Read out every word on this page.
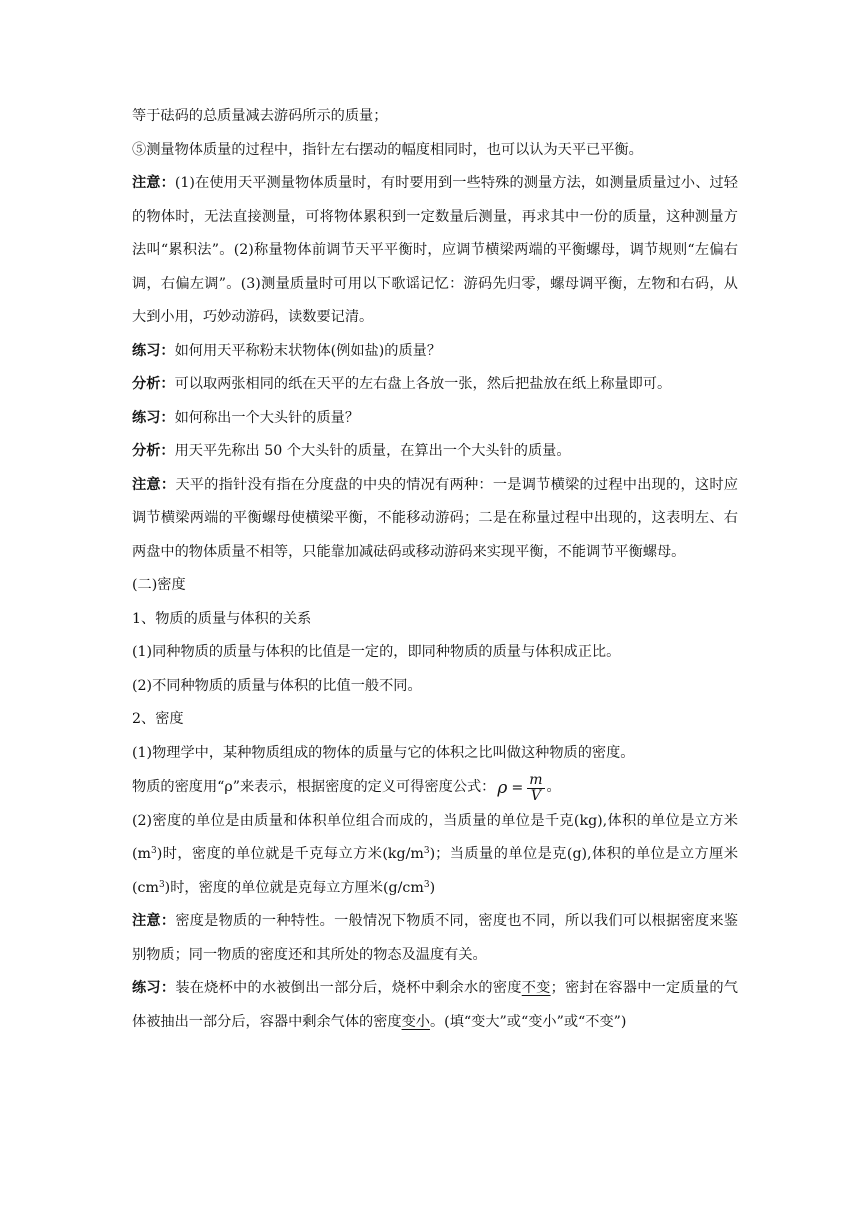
等于砝码的总质量减去游码所示的质量；

⑤测量物体质量的过程中，指针左右摆动的幅度相同时，也可以认为天平已平衡。

注意：(1)在使用天平测量物体质量时，有时要用到一些特殊的测量方法，如测量质量过小、过轻的物体时，无法直接测量，可将物体累积到一定数量后测量，再求其中一份的质量，这种测量方法叫“累积法”。(2)称量物体前调节天平平衡时，应调节横梁两端的平衡螺母，调节规则“左偏右调，右偏左调”。(3)测量质量时可用以下歌谣记忆：游码先归零，螺母调平衡，左物和右码，从大到小用，巧妙动游码，读数要记清。

练习：如何用天平称粉末状物体(例如盐)的质量？

分析：可以取两张相同的纸在天平的左右盘上各放一张，然后把盐放在纸上称量即可。

练习：如何称出一个大头针的质量？

分析：用天平先称出 50 个大头针的质量，在算出一个大头针的质量。

注意：天平的指针没有指在分度盘的中央的情况有两种：一是调节横梁的过程中出现的，这时应调节横梁两端的平衡螺母使横梁平衡，不能移动游码；二是在称量过程中出现的，这表明左、右两盘中的物体质量不相等，只能靠加减砝码或移动游码来实现平衡，不能调节平衡螺母。

(二)密度

1、物质的质量与体积的关系

(1)同种物质的质量与体积的比值是一定的，即同种物质的质量与体积成正比。

(2)不同种物质的质量与体积的比值一般不同。

2、密度

(1)物理学中，某种物质组成的物体的质量与它的体积之比叫做这种物质的密度。

物质的密度用“ρ”来表示，根据密度的定义可得密度公式： $\rho = \frac{m}{V}$ 。

(2)密度的单位是由质量和体积单位组合而成的，当质量的单位是千克(kg),体积的单位是立方米$(m^3)$时，密度的单位就是千克每立方米$(kg/m^3)$；当质量的单位是克(g),体积的单位是立方厘米$(cm^3)$时，密度的单位就是克每立方厘米$(g/cm^3)$

注意：密度是物质的一种特性。一般情况下物质不同，密度也不同，所以我们可以根据密度来鉴别物质；同一物质的密度还和其所处的物态及温度有关。

练习：装在烧杯中的水被倒出一部分后，烧杯中剩余水的密度不变；密封在容器中一定质量的气体被抽出一部分后，容器中剩余气体的密度变小。(填“变大”或“变小”或“不变”)
